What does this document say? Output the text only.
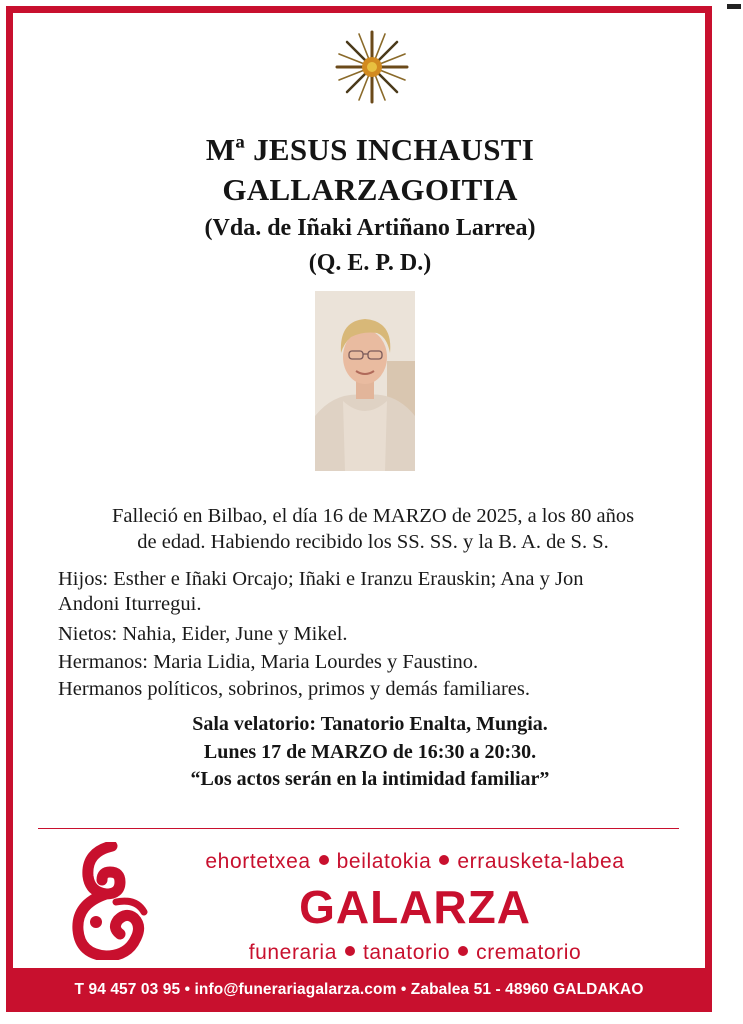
Mª JESUS INCHAUSTI
GALLARZAGOITIA
(Vda. de Iñaki Artiñano Larrea)
(Q. E. P. D.)
Falleció en Bilbao, el día 16 de MARZO de 2025, a los 80 años
de edad. Habiendo recibido los SS. SS. y la B. A. de S. S.
Hijos: Esther e Iñaki Orcajo; Iñaki e Iranzu Erauskin; Ana y Jon
Andoni Iturregui.
Nietos: Nahia, Eider, June y Mikel.
Hermanos: Maria Lidia, Maria Lourdes y Faustino.
Hermanos políticos, sobrinos, primos y demás familiares.
Sala velatorio: Tanatorio Enalta, Mungia.
Lunes 17 de MARZO de 16:30 a 20:30.
“Los actos serán en la intimidad familiar”
ehortetxea beilatokia errausketa-labea
GALARZA
funeraria tanatorio crematorio
T 94 457 03 95 • info@funerariagalarza.com • Zabalea 51 - 48960 GALDAKAO
